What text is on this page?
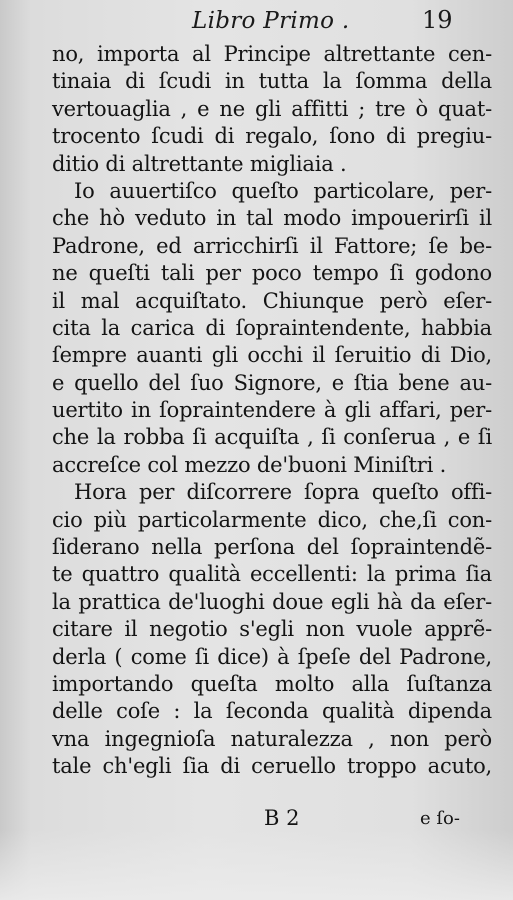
Libro Primo .	19
no, importa al Principe altrettante cen-
tinaia di ſcudi in tutta la ſomma della
vertouaglia , e ne gli affitti ; tre ò quat-
trocento ſcudi di regalo, ſono di pregiu-
ditio di altrettante migliaia .
Io auuertiſco queſto particolare, per-
che hò veduto in tal modo impouerirſi il
Padrone, ed arricchirſi il Fattore; ſe be-
ne queſti tali per poco tempo ſi godono
il mal acquiſtato. Chiunque però eſer-
cita la carica di ſopraintendente, habbia
ſempre auanti gli occhi il ſeruitio di Dio,
e quello del ſuo Signore, e ſtia bene au-
uertito in ſopraintendere à gli affari, per-
che la robba ſi acquiſta , ſi conſerua , e ſi
accreſce col mezzo de'buoni Miniſtri .
Hora per diſcorrere ſopra queſto offi-
cio più particolarmente dico, che,ſi con-
ſiderano nella perſona del ſopraintendẽ-
te quattro qualità eccellenti: la prima ſia
la prattica de'luoghi doue egli hà da eſer-
citare il negotio s'egli non vuole apprẽ-
derla ( come ſi dice) à ſpeſe del Padrone,
importando queſta molto alla ſuſtanza
delle coſe : la ſeconda qualità dipenda
vna ingegnioſa naturalezza , non però
tale ch'egli ſia di ceruello troppo acuto,
B 2	e ſo-
